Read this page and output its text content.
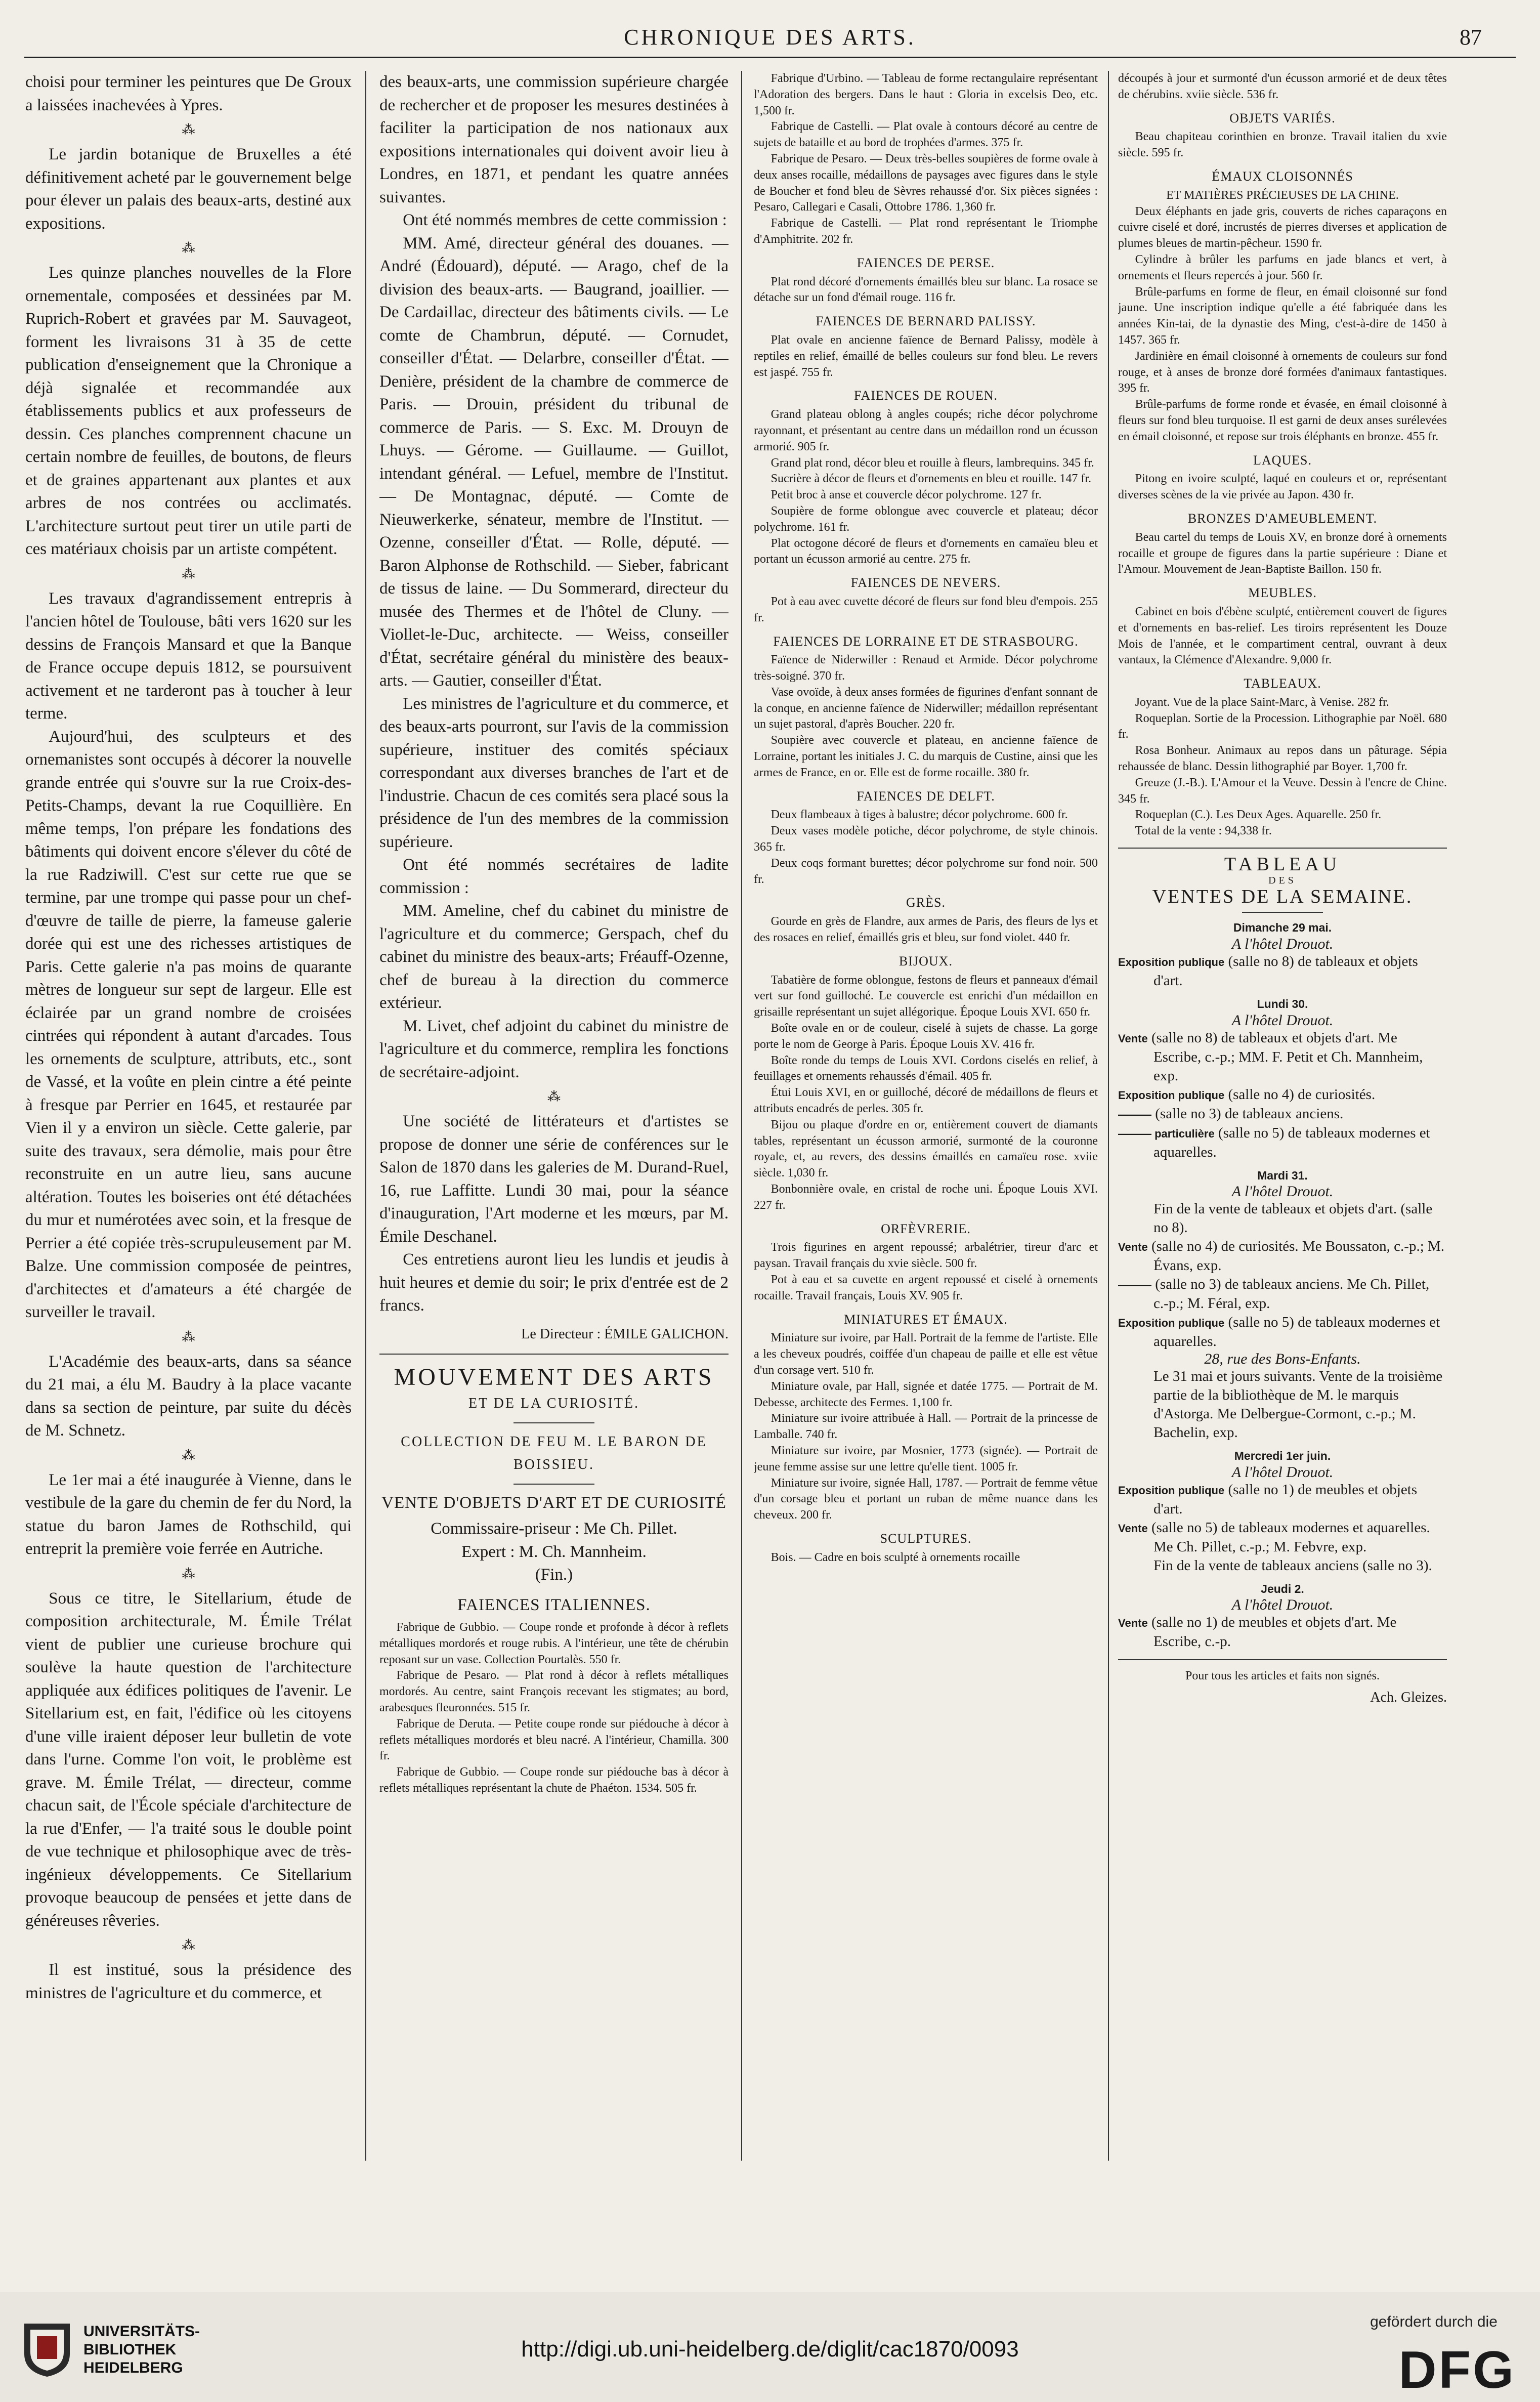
CHRONIQUE DES ARTS.	87

choisi pour terminer les peintures que De Groux a laissées inachevées à Ypres.

⁂

Le jardin botanique de Bruxelles a été définitivement acheté par le gouvernement belge pour élever un palais des beaux-arts, destiné aux expositions.

⁂

Les quinze planches nouvelles de la Flore ornementale, composées et dessinées par M. Ruprich-Robert et gravées par M. Sauvageot, forment les livraisons 31 à 35 de cette publication d'enseignement que la Chronique a déjà signalée et recommandée aux établissements publics et aux professeurs de dessin. Ces planches comprennent chacune un certain nombre de feuilles, de boutons, de fleurs et de graines appartenant aux plantes et aux arbres de nos contrées ou acclimatés. L'architecture surtout peut tirer un utile parti de ces matériaux choisis par un artiste compétent.

⁂

Les travaux d'agrandissement entrepris à l'ancien hôtel de Toulouse, bâti vers 1620 sur les dessins de François Mansard et que la Banque de France occupe depuis 1812, se poursuivent activement et ne tarderont pas à toucher à leur terme.

Aujourd'hui, des sculpteurs et des ornemanistes sont occupés à décorer la nouvelle grande entrée qui s'ouvre sur la rue Croix-des-Petits-Champs, devant la rue Coquillière. En même temps, l'on prépare les fondations des bâtiments qui doivent encore s'élever du côté de la rue Radziwill. C'est sur cette rue que se termine, par une trompe qui passe pour un chef-d'œuvre de taille de pierre, la fameuse galerie dorée qui est une des richesses artistiques de Paris. Cette galerie n'a pas moins de quarante mètres de longueur sur sept de largeur. Elle est éclairée par un grand nombre de croisées cintrées qui répondent à autant d'arcades. Tous les ornements de sculpture, attributs, etc., sont de Vassé, et la voûte en plein cintre a été peinte à fresque par Perrier en 1645, et restaurée par Vien il y a environ un siècle. Cette galerie, par suite des travaux, sera démolie, mais pour être reconstruite en un autre lieu, sans aucune altération. Toutes les boiseries ont été détachées du mur et numérotées avec soin, et la fresque de Perrier a été copiée très-scrupuleusement par M. Balze. Une commission composée de peintres, d'architectes et d'amateurs a été chargée de surveiller le travail.

⁂

L'Académie des beaux-arts, dans sa séance du 21 mai, a élu M. Baudry à la place vacante dans sa section de peinture, par suite du décès de M. Schnetz.

⁂

Le 1er mai a été inaugurée à Vienne, dans le vestibule de la gare du chemin de fer du Nord, la statue du baron James de Rothschild, qui entreprit la première voie ferrée en Autriche.

⁂

Sous ce titre, le Sitellarium, étude de composition architecturale, M. Émile Trélat vient de publier une curieuse brochure qui soulève la haute question de l'architecture appliquée aux édifices politiques de l'avenir. Le Sitellarium est, en fait, l'édifice où les citoyens d'une ville iraient déposer leur bulletin de vote dans l'urne. Comme l'on voit, le problème est grave. M. Émile Trélat, — directeur, comme chacun sait, de l'École spéciale d'architecture de la rue d'Enfer, — l'a traité sous le double point de vue technique et philosophique avec de très-ingénieux développements. Ce Sitellarium provoque beaucoup de pensées et jette dans de généreuses rêveries.

⁂

Il est institué, sous la présidence des ministres de l'agriculture et du commerce, et

des beaux-arts, une commission supérieure chargée de rechercher et de proposer les mesures destinées à faciliter la participation de nos nationaux aux expositions internationales qui doivent avoir lieu à Londres, en 1871, et pendant les quatre années suivantes.

Ont été nommés membres de cette commission :

MM. Amé, directeur général des douanes. — André (Édouard), député. — Arago, chef de la division des beaux-arts. — Baugrand, joaillier. — De Cardaillac, directeur des bâtiments civils. — Le comte de Chambrun, député. — Cornudet, conseiller d'État. — Delarbre, conseiller d'État. — Denière, président de la chambre de commerce de Paris. — Drouin, président du tribunal de commerce de Paris. — S. Exc. M. Drouyn de Lhuys. — Gérome. — Guillaume. — Guillot, intendant général. — Lefuel, membre de l'Institut. — De Montagnac, député. — Comte de Nieuwerkerke, sénateur, membre de l'Institut. — Ozenne, conseiller d'État. — Rolle, député. — Baron Alphonse de Rothschild. — Sieber, fabricant de tissus de laine. — Du Sommerard, directeur du musée des Thermes et de l'hôtel de Cluny. — Viollet-le-Duc, architecte. — Weiss, conseiller d'État, secrétaire général du ministère des beaux-arts. — Gautier, conseiller d'État.

Les ministres de l'agriculture et du commerce, et des beaux-arts pourront, sur l'avis de la commission supérieure, instituer des comités spéciaux correspondant aux diverses branches de l'art et de l'industrie. Chacun de ces comités sera placé sous la présidence de l'un des membres de la commission supérieure.

Ont été nommés secrétaires de ladite commission :

MM. Ameline, chef du cabinet du ministre de l'agriculture et du commerce; Gerspach, chef du cabinet du ministre des beaux-arts; Fréauff-Ozenne, chef de bureau à la direction du commerce extérieur.

M. Livet, chef adjoint du cabinet du ministre de l'agriculture et du commerce, remplira les fonctions de secrétaire-adjoint.

⁂

Une société de littérateurs et d'artistes se propose de donner une série de conférences sur le Salon de 1870 dans les galeries de M. Durand-Ruel, 16, rue Laffitte. Lundi 30 mai, pour la séance d'inauguration, l'Art moderne et les mœurs, par M. Émile Deschanel.

Ces entretiens auront lieu les lundis et jeudis à huit heures et demie du soir; le prix d'entrée est de 2 francs.

Le Directeur : ÉMILE GALICHON.
MOUVEMENT DES ARTS
ET DE LA CURIOSITÉ.
COLLECTION DE FEU M. LE BARON DE BOISSIEU.
VENTE D'OBJETS D'ART ET DE CURIOSITÉ
Commissaire-priseur : Me Ch. Pillet.
Expert : M. Ch. Mannheim.
(Fin.)
FAIENCES ITALIENNES.

Fabrique de Gubbio. — Coupe ronde et profonde à décor à reflets métalliques mordorés et rouge rubis. A l'intérieur, une tête de chérubin reposant sur un vase. Collection Pourtalès. 550 fr.

Fabrique de Pesaro. — Plat rond à décor à reflets métalliques mordorés. Au centre, saint François recevant les stigmates; au bord, arabesques fleuronnées. 515 fr.

Fabrique de Deruta. — Petite coupe ronde sur piédouche à décor à reflets métalliques mordorés et bleu nacré. A l'intérieur, Chamilla. 300 fr.

Fabrique de Gubbio. — Coupe ronde sur piédouche bas à décor à reflets métalliques représentant la chute de Phaéton. 1534. 505 fr.

Fabrique d'Urbino. — Tableau de forme rectangulaire représentant l'Adoration des bergers. Dans le haut : Gloria in excelsis Deo, etc. 1,500 fr.

Fabrique de Castelli. — Plat ovale à contours décoré au centre de sujets de bataille et au bord de trophées d'armes. 375 fr.

Fabrique de Pesaro. — Deux très-belles soupières de forme ovale à deux anses rocaille, médaillons de paysages avec figures dans le style de Boucher et fond bleu de Sèvres rehaussé d'or. Six pièces signées : Pesaro, Callegari e Casali, Ottobre 1786. 1,360 fr.

Fabrique de Castelli. — Plat rond représentant le Triomphe d'Amphitrite. 202 fr.

FAIENCES DE PERSE.

Plat rond décoré d'ornements émaillés bleu sur blanc. La rosace se détache sur un fond d'émail rouge. 116 fr.

FAIENCES DE BERNARD PALISSY.

Plat ovale en ancienne faïence de Bernard Palissy, modèle à reptiles en relief, émaillé de belles couleurs sur fond bleu. Le revers est jaspé. 755 fr.

FAIENCES DE ROUEN.

Grand plateau oblong à angles coupés; riche décor polychrome rayonnant, et présentant au centre dans un médaillon rond un écusson armorié. 905 fr.

Grand plat rond, décor bleu et rouille à fleurs, lambrequins. 345 fr.

Sucrière à décor de fleurs et d'ornements en bleu et rouille. 147 fr.

Petit broc à anse et couvercle décor polychrome. 127 fr.

Soupière de forme oblongue avec couvercle et plateau; décor polychrome. 161 fr.

Plat octogone décoré de fleurs et d'ornements en camaïeu bleu et portant un écusson armorié au centre. 275 fr.

FAIENCES DE NEVERS.

Pot à eau avec cuvette décoré de fleurs sur fond bleu d'empois. 255 fr.

FAIENCES DE LORRAINE ET DE STRASBOURG.

Faïence de Niderwiller : Renaud et Armide. Décor polychrome très-soigné. 370 fr.

Vase ovoïde, à deux anses formées de figurines d'enfant sonnant de la conque, en ancienne faïence de Niderwiller; médaillon représentant un sujet pastoral, d'après Boucher. 220 fr.

Soupière avec couvercle et plateau, en ancienne faïence de Lorraine, portant les initiales J. C. du marquis de Custine, ainsi que les armes de France, en or. Elle est de forme rocaille. 380 fr.

FAIENCES DE DELFT.

Deux flambeaux à tiges à balustre; décor polychrome. 600 fr.

Deux vases modèle potiche, décor polychrome, de style chinois. 365 fr.

Deux coqs formant burettes; décor polychrome sur fond noir. 500 fr.

GRÈS.

Gourde en grès de Flandre, aux armes de Paris, des fleurs de lys et des rosaces en relief, émaillés gris et bleu, sur fond violet. 440 fr.

BIJOUX.

Tabatière de forme oblongue, festons de fleurs et panneaux d'émail vert sur fond guilloché. Le couvercle est enrichi d'un médaillon en grisaille représentant un sujet allégorique. Époque Louis XVI. 650 fr.

Boîte ovale en or de couleur, ciselé à sujets de chasse. La gorge porte le nom de George à Paris. Époque Louis XV. 416 fr.

Boîte ronde du temps de Louis XVI. Cordons ciselés en relief, à feuillages et ornements rehaussés d'émail. 405 fr.

Étui Louis XVI, en or guilloché, décoré de médaillons de fleurs et attributs encadrés de perles. 305 fr.

Bijou ou plaque d'ordre en or, entièrement couvert de diamants tables, représentant un écusson armorié, surmonté de la couronne royale, et, au revers, des dessins émaillés en camaïeu rose. xviie siècle. 1,030 fr.

Bonbonnière ovale, en cristal de roche uni. Époque Louis XVI. 227 fr.

ORFÈVRERIE.

Trois figurines en argent repoussé; arbalétrier, tireur d'arc et paysan. Travail français du xvie siècle. 500 fr.

Pot à eau et sa cuvette en argent repoussé et ciselé à ornements rocaille. Travail français, Louis XV. 905 fr.

MINIATURES ET ÉMAUX.

Miniature sur ivoire, par Hall. Portrait de la femme de l'artiste. Elle a les cheveux poudrés, coiffée d'un chapeau de paille et elle est vêtue d'un corsage vert. 510 fr.

Miniature ovale, par Hall, signée et datée 1775. — Portrait de M. Debesse, architecte des Fermes. 1,100 fr.

Miniature sur ivoire attribuée à Hall. — Portrait de la princesse de Lamballe. 740 fr.

Miniature sur ivoire, par Mosnier, 1773 (signée). — Portrait de jeune femme assise sur une lettre qu'elle tient. 1005 fr.

Miniature sur ivoire, signée Hall, 1787. — Portrait de femme vêtue d'un corsage bleu et portant un ruban de même nuance dans les cheveux. 200 fr.

SCULPTURES.

Bois. — Cadre en bois sculpté à ornements rocaille

découpés à jour et surmonté d'un écusson armorié et de deux têtes de chérubins. xviie siècle. 536 fr.

OBJETS VARIÉS.

Beau chapiteau corinthien en bronze. Travail italien du xvie siècle. 595 fr.

ÉMAUX CLOISONNÉS
ET MATIÈRES PRÉCIEUSES DE LA CHINE.

Deux éléphants en jade gris, couverts de riches caparaçons en cuivre ciselé et doré, incrustés de pierres diverses et application de plumes bleues de martin-pêcheur. 1590 fr.

Cylindre à brûler les parfums en jade blancs et vert, à ornements et fleurs repercés à jour. 560 fr.

Brûle-parfums en forme de fleur, en émail cloisonné sur fond jaune. Une inscription indique qu'elle a été fabriquée dans les années Kin-tai, de la dynastie des Ming, c'est-à-dire de 1450 à 1457. 365 fr.

Jardinière en émail cloisonné à ornements de couleurs sur fond rouge, et à anses de bronze doré formées d'animaux fantastiques. 395 fr.

Brûle-parfums de forme ronde et évasée, en émail cloisonné à fleurs sur fond bleu turquoise. Il est garni de deux anses surélevées en émail cloisonné, et repose sur trois éléphants en bronze. 455 fr.

LAQUES.

Pitong en ivoire sculpté, laqué en couleurs et or, représentant diverses scènes de la vie privée au Japon. 430 fr.

BRONZES D'AMEUBLEMENT.

Beau cartel du temps de Louis XV, en bronze doré à ornements rocaille et groupe de figures dans la partie supérieure : Diane et l'Amour. Mouvement de Jean-Baptiste Baillon. 150 fr.

MEUBLES.

Cabinet en bois d'ébène sculpté, entièrement couvert de figures et d'ornements en bas-relief. Les tiroirs représentent les Douze Mois de l'année, et le compartiment central, ouvrant à deux vantaux, la Clémence d'Alexandre. 9,000 fr.

TABLEAUX.

Joyant. Vue de la place Saint-Marc, à Venise. 282 fr.

Roqueplan. Sortie de la Procession. Lithographie par Noël. 680 fr.

Rosa Bonheur. Animaux au repos dans un pâturage. Sépia rehaussée de blanc. Dessin lithographié par Boyer. 1,700 fr.

Greuze (J.-B.). L'Amour et la Veuve. Dessin à l'encre de Chine. 345 fr.

Roqueplan (C.). Les Deux Ages. Aquarelle. 250 fr.

Total de la vente : 94,338 fr.

TABLEAU
DES
VENTES DE LA SEMAINE.
Dimanche 29 mai.
A l'hôtel Drouot.

Exposition publique (salle no 8) de tableaux et objets d'art.

Lundi 30.
A l'hôtel Drouot.

Vente (salle no 8) de tableaux et objets d'art. Me Escribe, c.-p.; MM. F. Petit et Ch. Mannheim, exp.

Exposition publique (salle no 4) de curiosités.

——— (salle no 3) de tableaux anciens.

——— particulière (salle no 5) de tableaux modernes et aquarelles.

Mardi 31.
A l'hôtel Drouot.

Fin de la vente de tableaux et objets d'art. (salle no 8).

Vente (salle no 4) de curiosités. Me Boussaton, c.-p.; M. Évans, exp.

——— (salle no 3) de tableaux anciens. Me Ch. Pillet, c.-p.; M. Féral, exp.

Exposition publique (salle no 5) de tableaux modernes et aquarelles.

28, rue des Bons-Enfants.

Le 31 mai et jours suivants. Vente de la troisième partie de la bibliothèque de M. le marquis d'Astorga. Me Delbergue-Cormont, c.-p.; M. Bachelin, exp.

Mercredi 1er juin.
A l'hôtel Drouot.

Exposition publique (salle no 1) de meubles et objets d'art.

Vente (salle no 5) de tableaux modernes et aquarelles. Me Ch. Pillet, c.-p.; M. Febvre, exp.

Fin de la vente de tableaux anciens (salle no 3).

Jeudi 2.
A l'hôtel Drouot.

Vente (salle no 1) de meubles et objets d'art. Me Escribe, c.-p.

Pour tous les articles et faits non signés.
Ach. Gleizes.
UNIVERSITÄTS-
BIBLIOTHEK
HEIDELBERG
http://digi.ub.uni-heidelberg.de/diglit/cac1870/0093
gefördert durch die
DFG
